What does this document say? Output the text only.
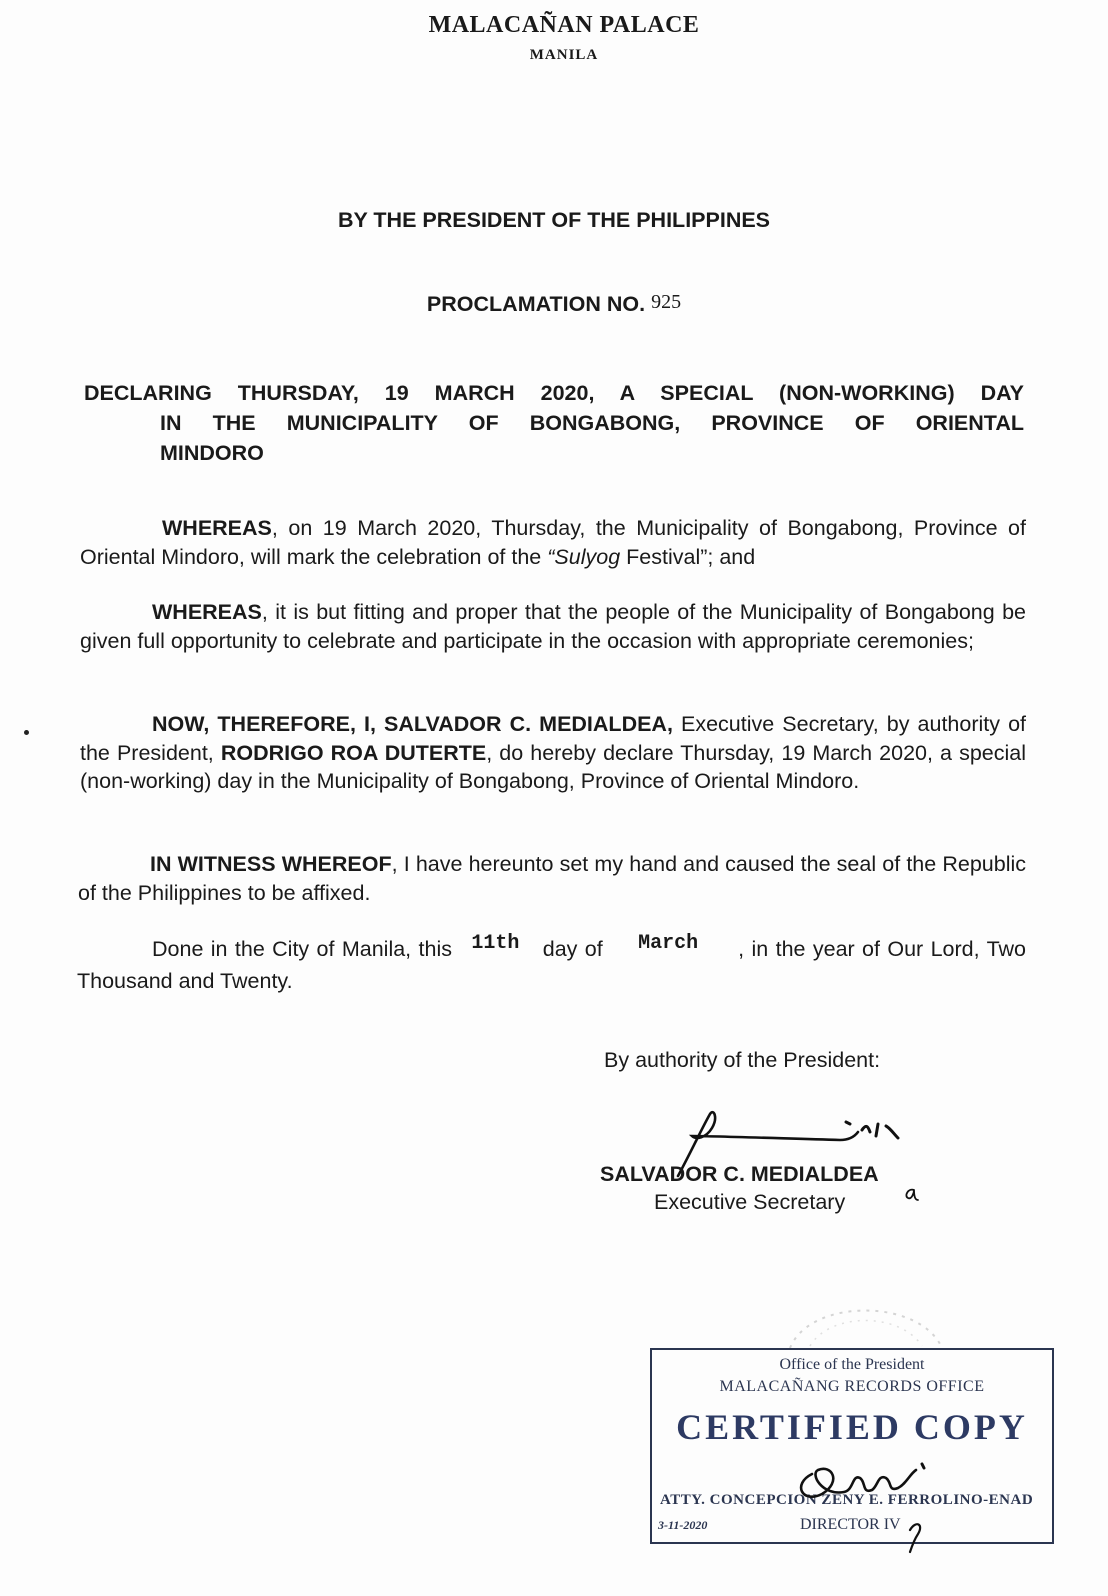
MALACAÑAN PALACE
MANILA
BY THE PRESIDENT OF THE PHILIPPINES
PROCLAMATION NO. 925
DECLARING THURSDAY, 19 MARCH 2020, A SPECIAL (NON-WORKING) DAY
IN THE MUNICIPALITY OF BONGABONG, PROVINCE OF ORIENTAL
MINDORO
WHEREAS, on 19 March 2020, Thursday, the Municipality of Bongabong, Province of Oriental Mindoro, will mark the celebration of the “Sulyog Festival”; and
WHEREAS, it is but fitting and proper that the people of the Municipality of Bongabong be given full opportunity to celebrate and participate in the occasion with appropriate ceremonies;
NOW, THEREFORE, I, SALVADOR C. MEDIALDEA, Executive Secretary, by authority of the President, RODRIGO ROA DUTERTE, do hereby declare Thursday, 19 March 2020, a special (non-working) day in the Municipality of Bongabong, Province of Oriental Mindoro.
IN WITNESS WHEREOF, I have hereunto set my hand and caused the seal of the Republic of the Philippines to be affixed.
Done in the City of Manila, this 11th day of March , in the year of Our Lord, Two Thousand and Twenty.
By authority of the President:
SALVADOR C. MEDIALDEA
Executive Secretary
Office of the President
MALACAÑANG RECORDS OFFICE
CERTIFIED COPY
ATTY. CONCEPCION ZENY E. FERROLINO-ENAD
DIRECTOR IV
3-11-2020
